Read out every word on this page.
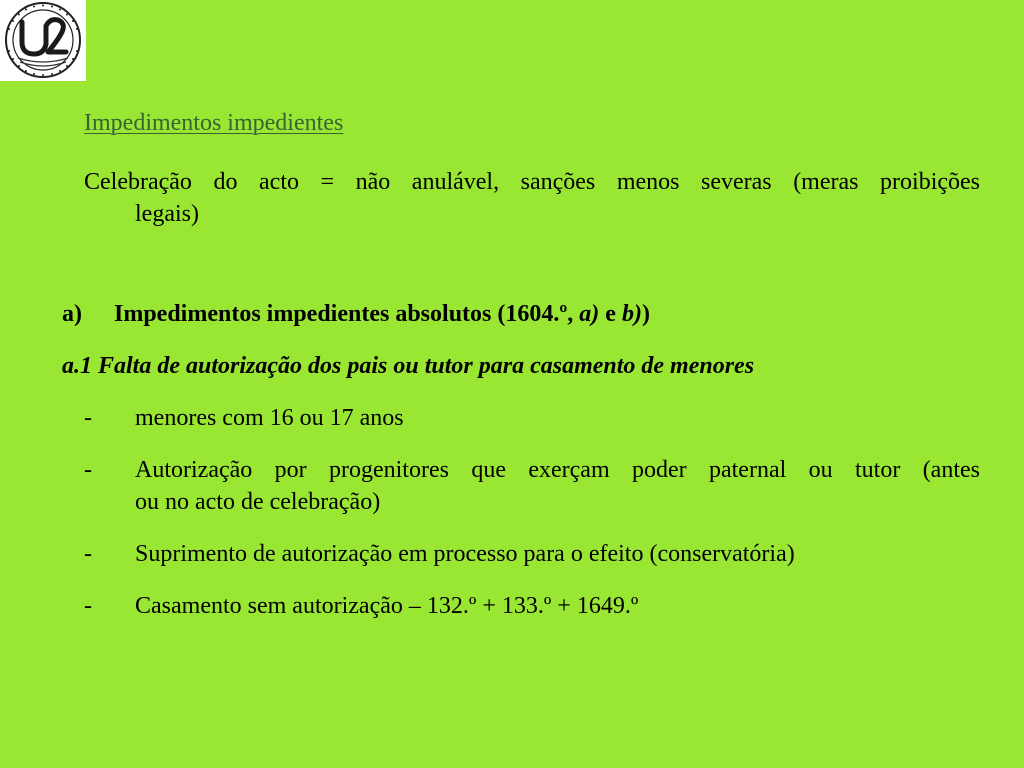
Impedimentos impedientes
Celebração do acto = não anulável, sanções menos severas (meras proibições
legais)
a) Impedimentos impedientes absolutos (1604.º, a) e b))
a.1 Falta de autorização dos pais ou tutor para casamento de menores
- menores com 16 ou 17 anos
- Autorização por progenitores que exerçam poder paternal ou tutor (antes
ou no acto de celebração)
- Suprimento de autorização em processo para o efeito (conservatória)
- Casamento sem autorização – 132.º + 133.º + 1649.º
